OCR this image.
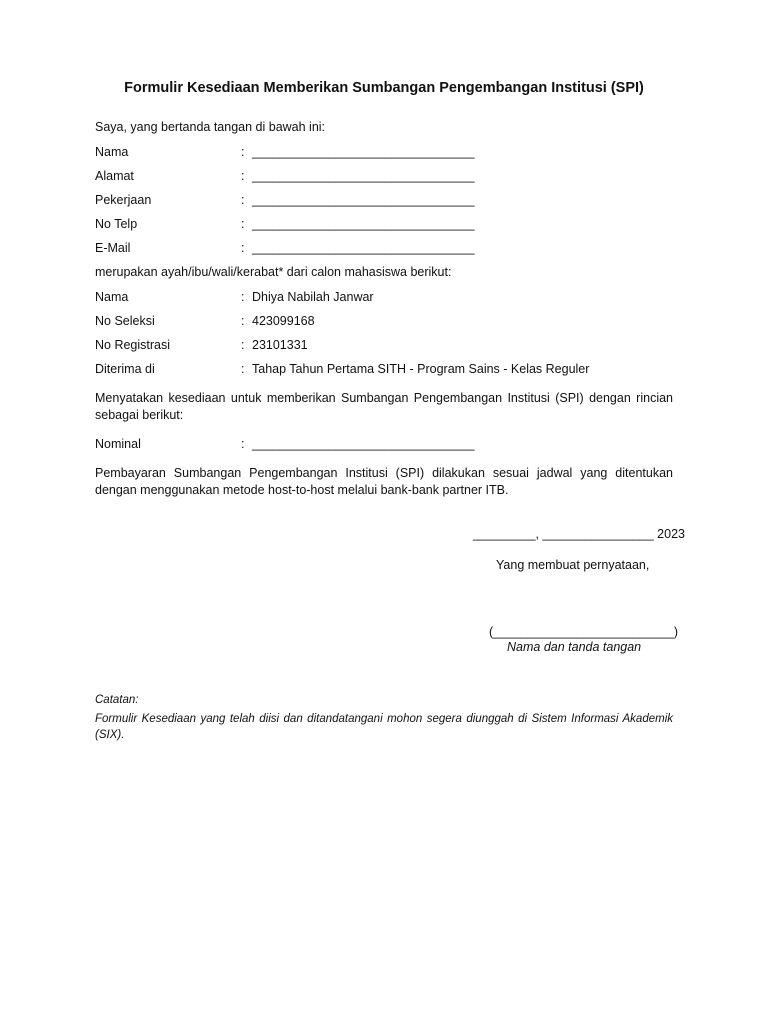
Formulir Kesediaan Memberikan Sumbangan Pengembangan Institusi (SPI)
Saya, yang bertanda tangan di bawah ini:
Nama	: ________________________________
Alamat	: ________________________________
Pekerjaan	: ________________________________
No Telp	: ________________________________
E-Mail	: ________________________________
merupakan ayah/ibu/wali/kerabat* dari calon mahasiswa berikut:
Nama	: Dhiya Nabilah Janwar
No Seleksi	: 423099168
No Registrasi	: 23101331
Diterima di	: Tahap Tahun Pertama SITH - Program Sains - Kelas Reguler
Menyatakan kesediaan untuk memberikan Sumbangan Pengembangan Institusi (SPI) dengan rincian sebagai berikut:
Nominal	: ________________________________
Pembayaran Sumbangan Pengembangan Institusi (SPI) dilakukan sesuai jadwal yang ditentukan dengan menggunakan metode host-to-host melalui bank-bank partner ITB.
_________, ________________ 2023
Yang membuat pernyataan,
(__________________________)
Nama dan tanda tangan
Catatan:
Formulir Kesediaan yang telah diisi dan ditandatangani mohon segera diunggah di Sistem Informasi Akademik (SIX).
